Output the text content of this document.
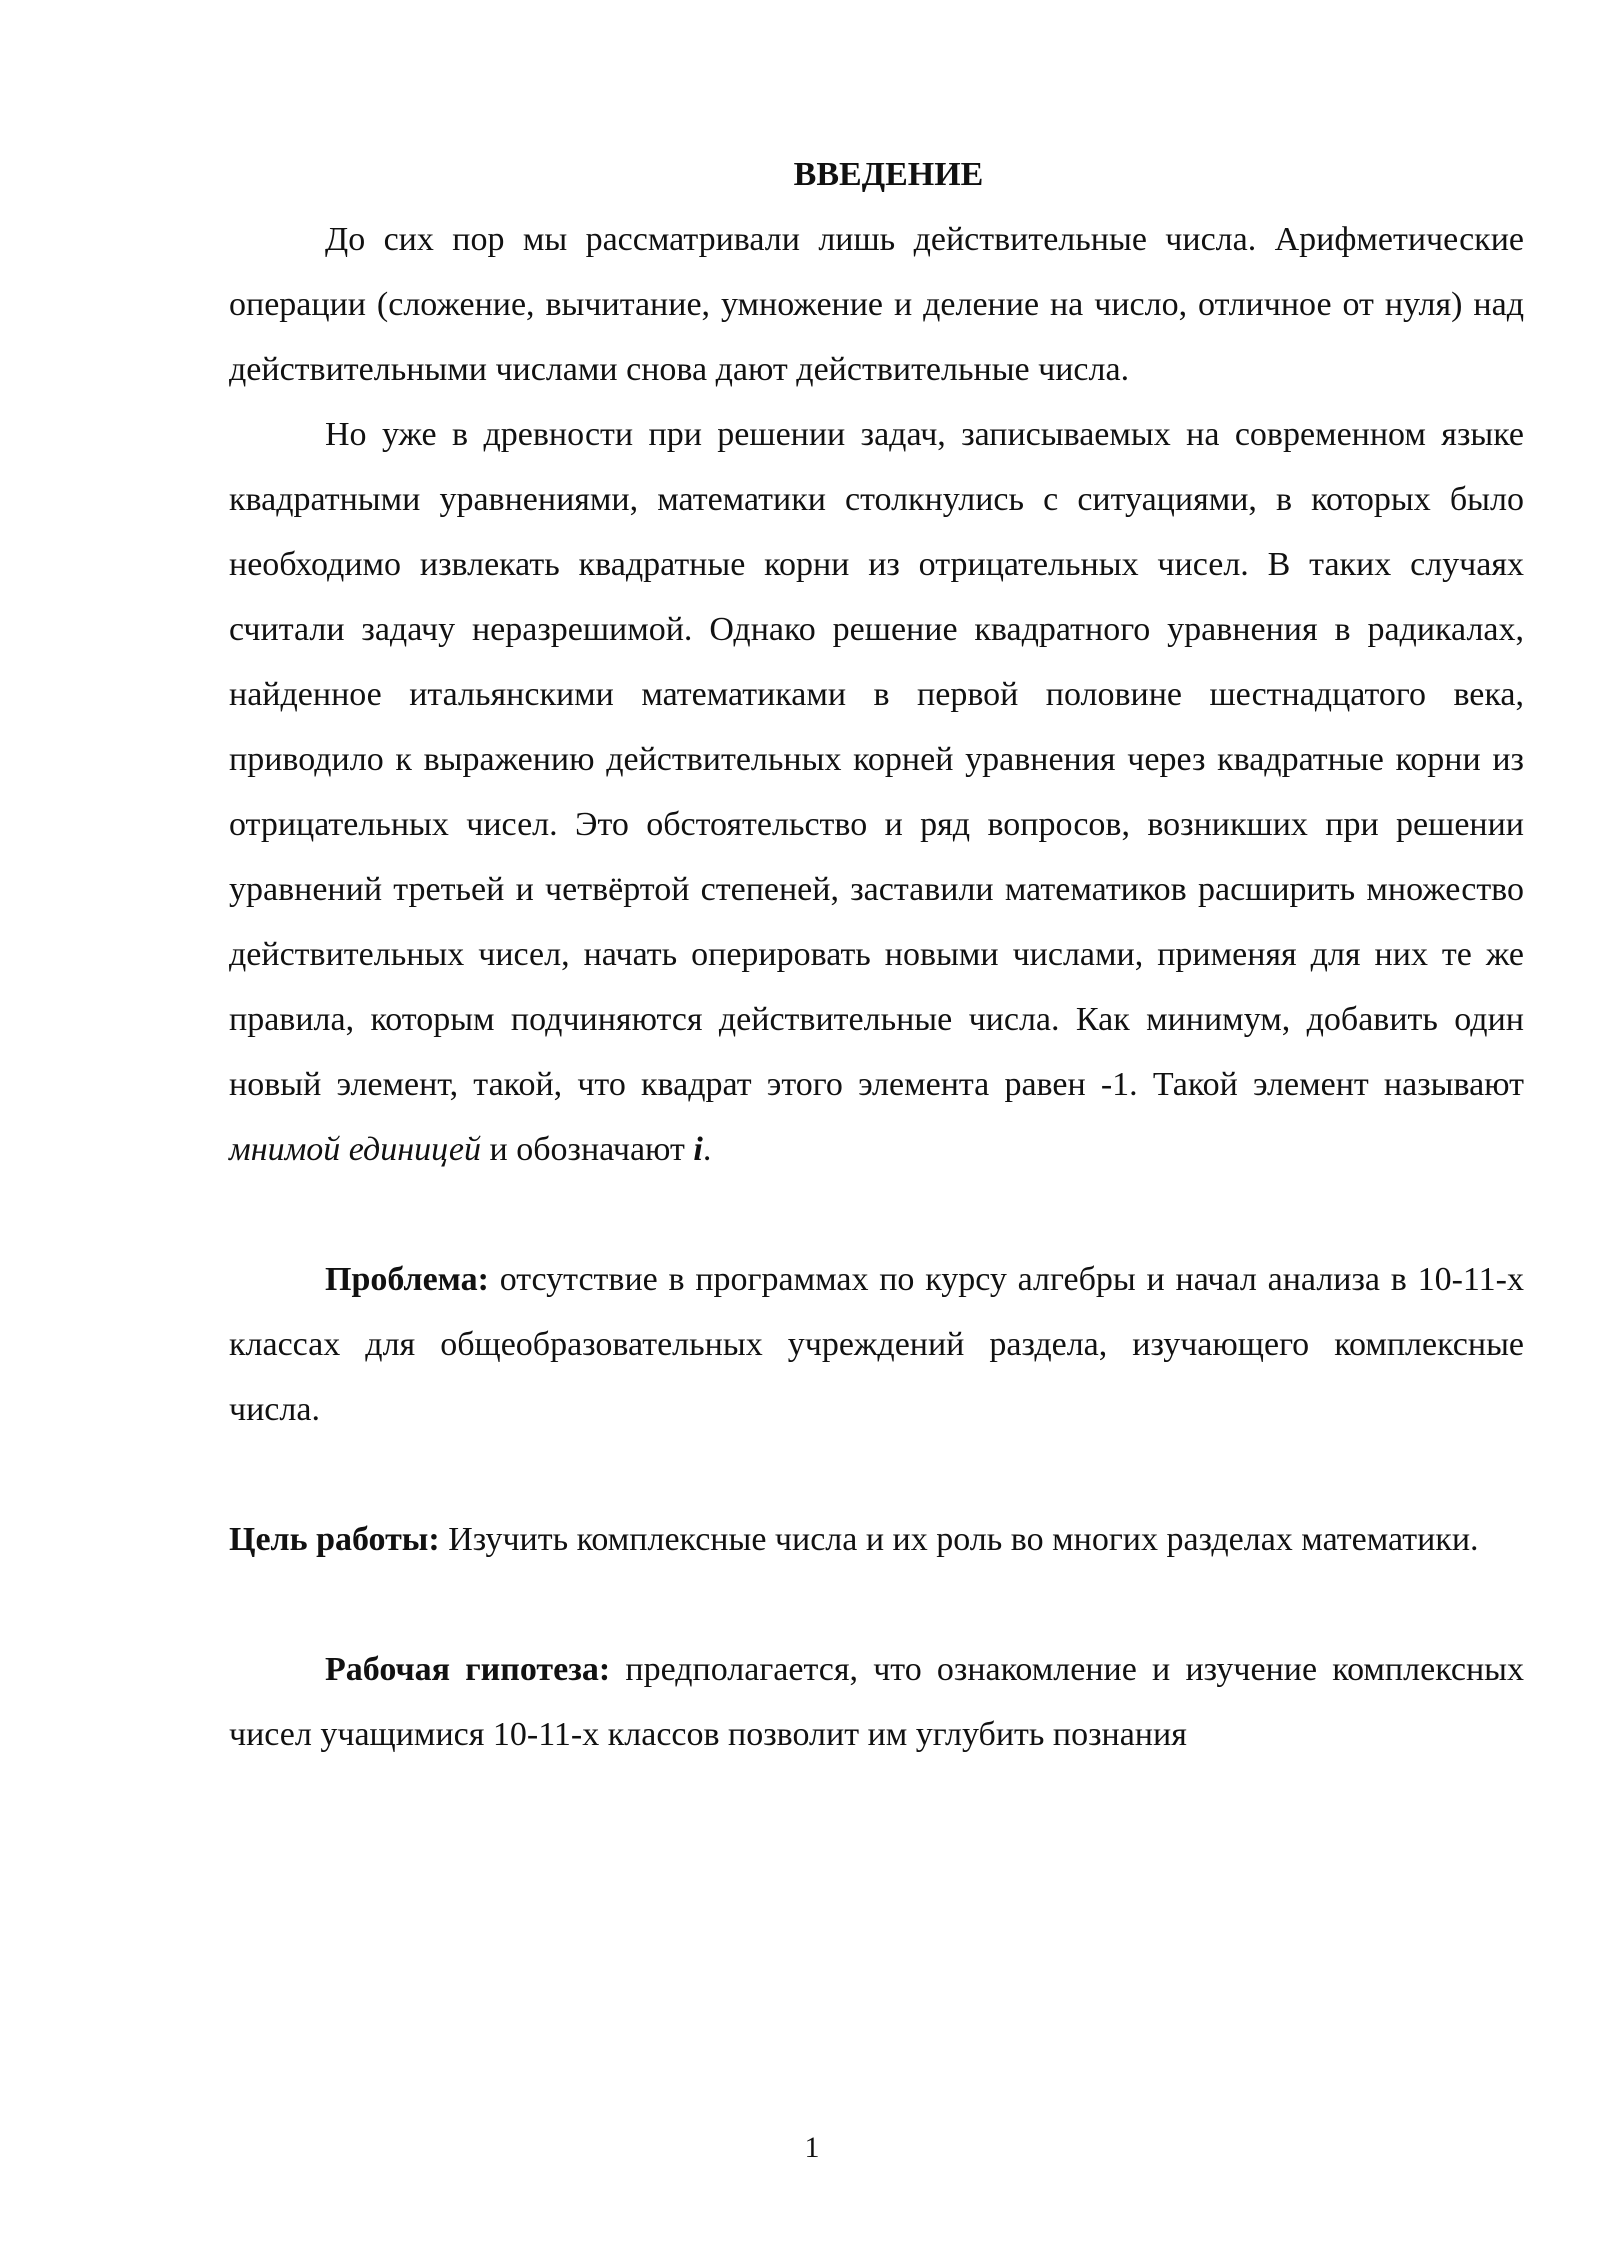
ВВЕДЕНИЕ

До сих пор мы рассматривали лишь действительные числа. Арифметические операции (сложение, вычитание, умножение и деление на число, отличное от нуля) над действительными числами снова дают действительные числа.

Но уже в древности при решении задач, записываемых на современном языке квадратными уравнениями, математики столкнулись с ситуациями, в которых было необходимо извлекать квадратные корни из отрицательных чисел. В таких случаях считали задачу неразрешимой. Однако решение квадратного уравнения в радикалах, найденное итальянскими математиками в первой половине шестнадцатого века, приводило к выражению действительных корней уравнения через квадратные корни из отрицательных чисел. Это обстоятельство и ряд вопросов, возникших при решении уравнений третьей и четвёртой степеней, заставили математиков расширить множество действительных чисел, начать оперировать новыми числами, применяя для них те же правила, которым подчиняются действительные числа. Как минимум, добавить один новый элемент, такой, что квадрат этого элемента равен -1. Такой элемент называют мнимой единицей и обозначают i.

Проблема: отсутствие в программах по курсу алгебры и начал анализа в 10-11-х классах для общеобразовательных учреждений раздела, изучающего комплексные числа.

Цель работы: Изучить комплексные числа и их роль во многих разделах математики.

Рабочая гипотеза: предполагается, что ознакомление и изучение комплексных чисел учащимися 10-11-х классов позволит им углубить познания

1
